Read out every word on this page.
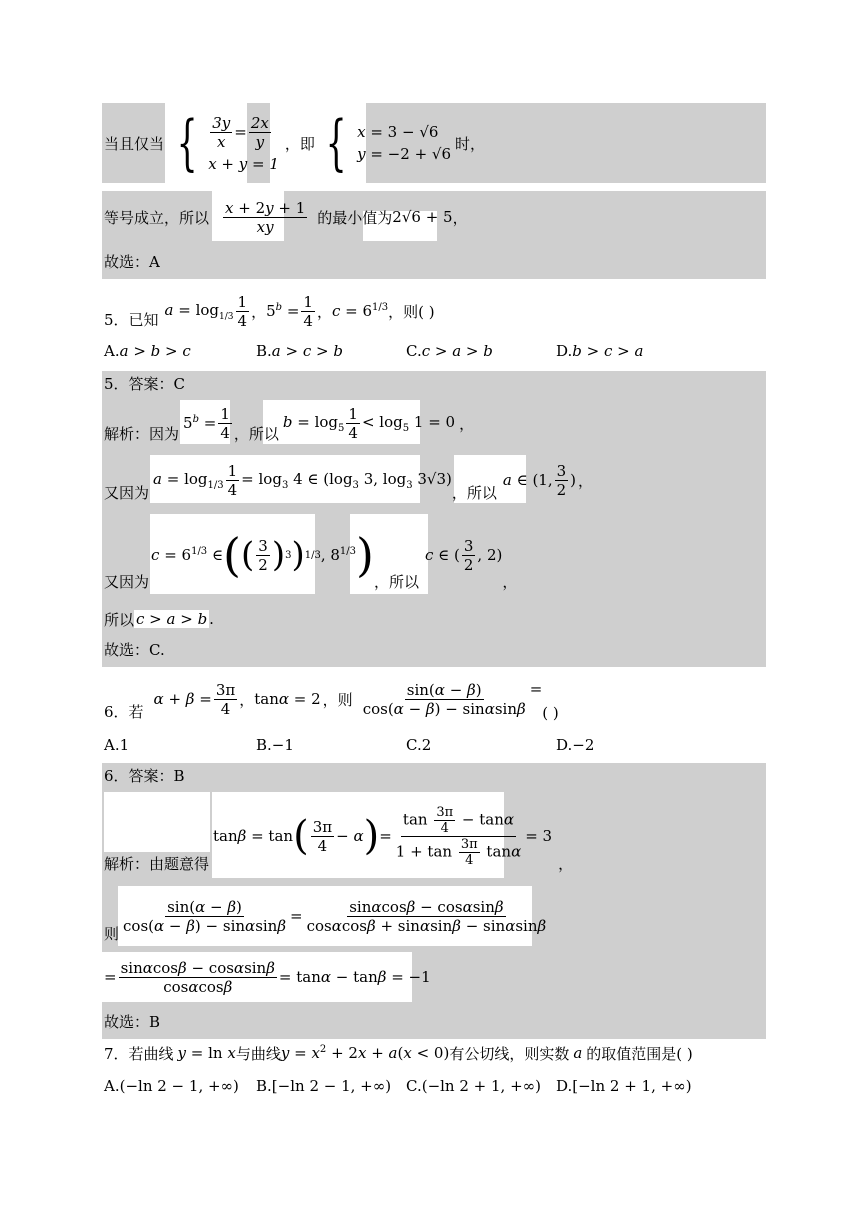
当且仅当 { $\frac{3y}{x} = \frac{2x}{y}$
x + y = 1
，即 { x = 3 − √6
y = −2 + √6
时，
等号成立，所以 $\frac{x + 2y + 1}{xy}$ 的最小值为 2√6 + 5 ，
故选：A
5．已知
$a = \log_{1/3} \frac{1}{4}$ ， $5^b = \frac{1}{4}$ ， $c = 6^{1/3}$ ，则( )
A.a > b > c	B.a > c > b	C.c > a > b	D.b > c > a
5．答案：C
解析：因为
$5^b = \frac{1}{4}$ ，所以
$b = \log_5 \frac{1}{4} < \log_5 1 = 0$ ，
又因为
$a = \log_{1/3} \frac{1}{4} = \log_3 4$ ∈ ($\log_3$ 3, $\log_3 3√3$)
，所以
a ∈ (1, $\frac{3}{2}$ ) ，
又因为
$c = 6^{1/3}$ ∈ ( ( $\frac{3}{2}$ ) 3 ) 1/3 , $8^{1/3}$ ) ，所以
c ∈ ( $\frac{3}{2}$ , 2)
，
所以 c > a > b .
故选：C.
6．若
$\alpha + \beta = \frac{3\pi}{4}$ ， tanα = 2 ，则 $\frac{\sin(\alpha - \beta)}{\cos(\alpha - \beta) - \sin\alpha\sin\beta}$ =
( )
A.1	B.−1	C.2	D.−2
6．答案：B
解析：由题意得
tanβ = tan ( $\frac{3\pi}{4} - \alpha$ ) = $\frac{\tan \frac{3\pi}{4} - \tan\alpha}{1 + \tan \frac{3\pi}{4} \tan\alpha} = 3$
，
则 $\frac{\sin(\alpha - \beta)}{\cos(\alpha - \beta) - \sin\alpha\sin\beta} = \frac{\sin\alpha\cos\beta - \cos\alpha\sin\beta}{\cos\alpha\cos\beta + \sin\alpha\sin\beta - \sin\alpha\sin\beta}$
= $\frac{\sin\alpha\cos\beta - \cos\alpha\sin\beta}{\cos\alpha\cos\beta} = \tan\alpha - \tan\beta = -1$
故选：B
7．若曲线 y = ln x 与曲线 $y = x^2 + 2x + a(x < 0)$ 有公切线，则实数 a 的取值范围是( )
A.(−ln 2 − 1, +∞) B.[−ln 2 − 1, +∞) C.(−ln 2 + 1, +∞) D.[−ln 2 + 1, +∞)
